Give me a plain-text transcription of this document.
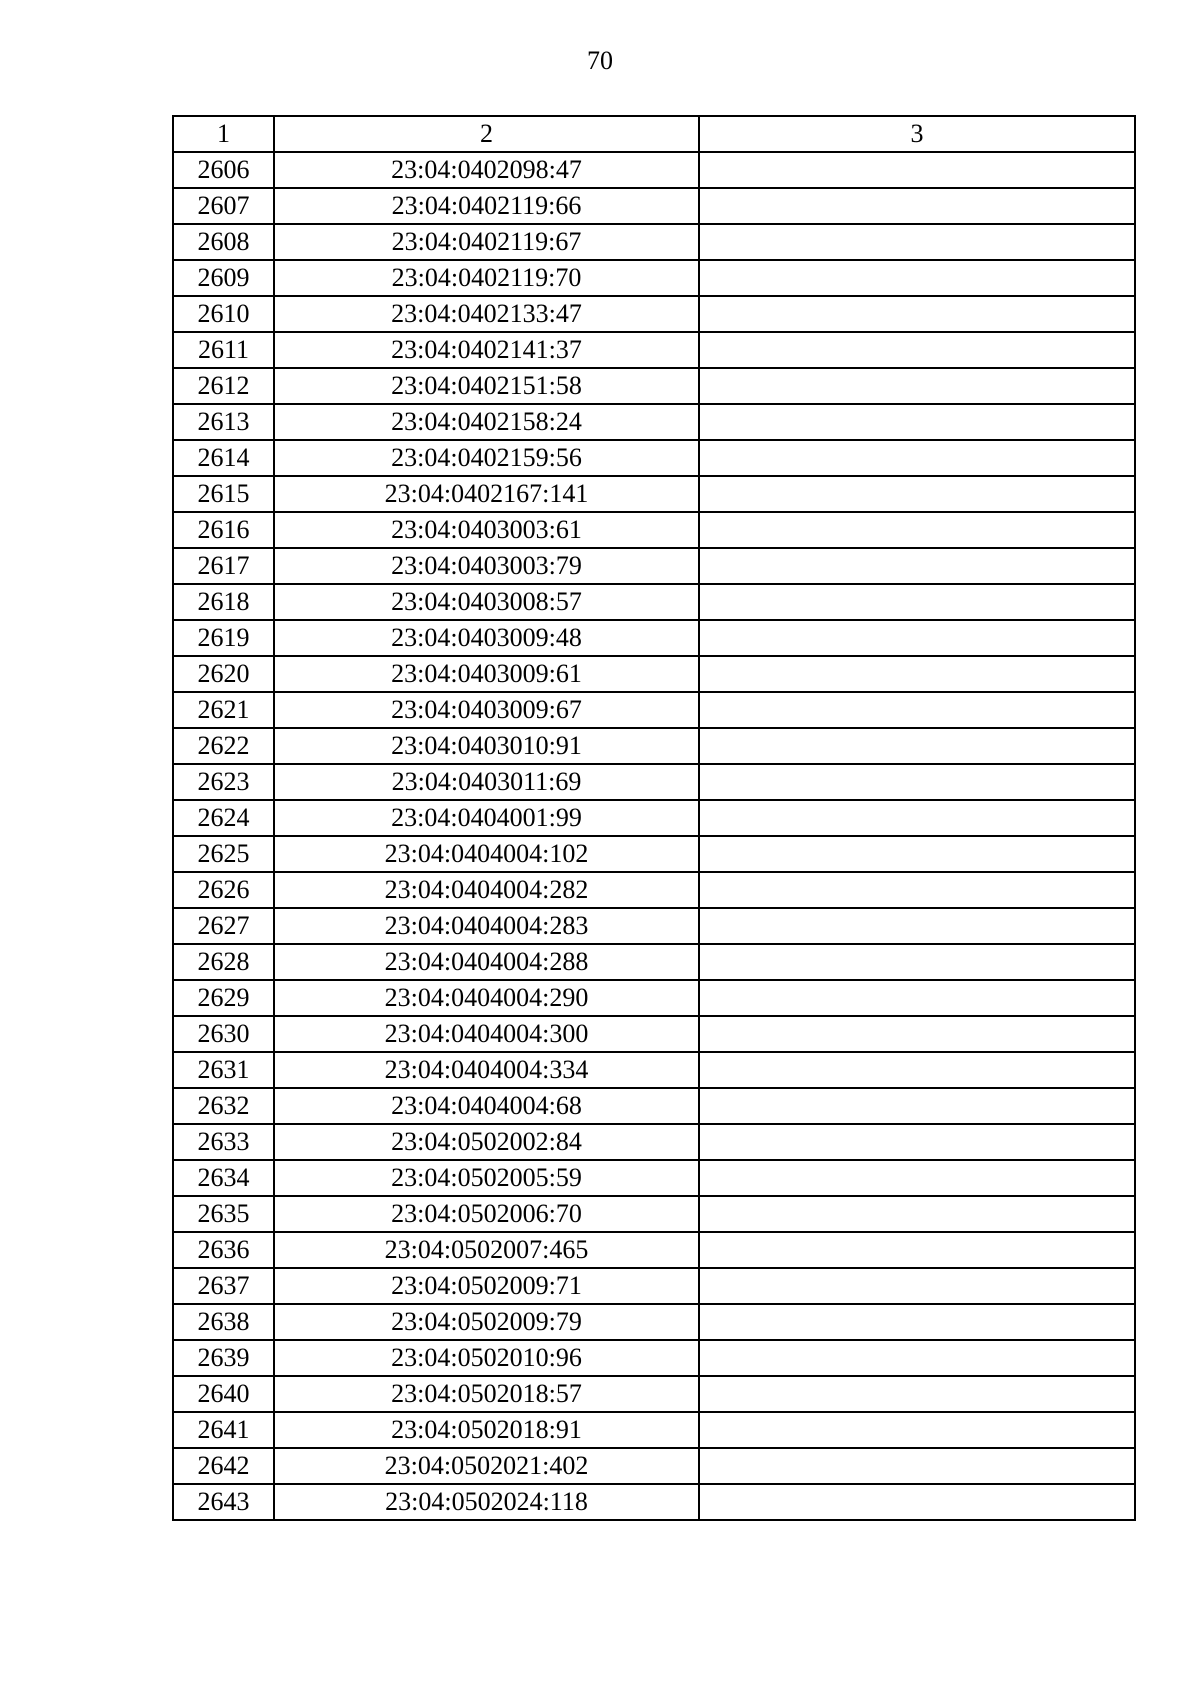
70
1	2	3
2606	23:04:0402098:47	
2607	23:04:0402119:66	
2608	23:04:0402119:67	
2609	23:04:0402119:70	
2610	23:04:0402133:47	
2611	23:04:0402141:37	
2612	23:04:0402151:58	
2613	23:04:0402158:24	
2614	23:04:0402159:56	
2615	23:04:0402167:141	
2616	23:04:0403003:61	
2617	23:04:0403003:79	
2618	23:04:0403008:57	
2619	23:04:0403009:48	
2620	23:04:0403009:61	
2621	23:04:0403009:67	
2622	23:04:0403010:91	
2623	23:04:0403011:69	
2624	23:04:0404001:99	
2625	23:04:0404004:102	
2626	23:04:0404004:282	
2627	23:04:0404004:283	
2628	23:04:0404004:288	
2629	23:04:0404004:290	
2630	23:04:0404004:300	
2631	23:04:0404004:334	
2632	23:04:0404004:68	
2633	23:04:0502002:84	
2634	23:04:0502005:59	
2635	23:04:0502006:70	
2636	23:04:0502007:465	
2637	23:04:0502009:71	
2638	23:04:0502009:79	
2639	23:04:0502010:96	
2640	23:04:0502018:57	
2641	23:04:0502018:91	
2642	23:04:0502021:402	
2643	23:04:0502024:118	
